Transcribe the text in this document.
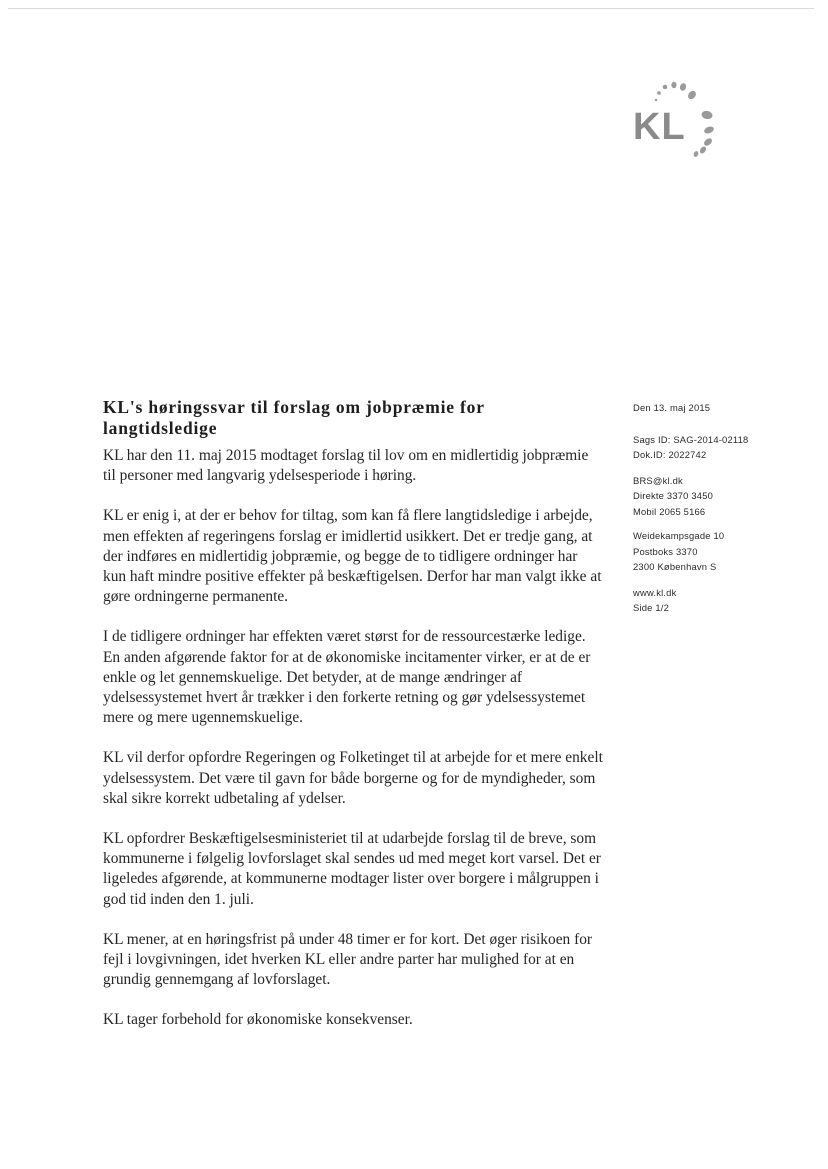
KL
KL's høringssvar til forslag om jobpræmie for langtidsledige

KL har den 11. maj 2015 modtaget forslag til lov om en midlertidig jobpræmie til personer med langvarig ydelsesperiode i høring.

KL er enig i, at der er behov for tiltag, som kan få flere langtidsledige i arbejde, men effekten af regeringens forslag er imidlertid usikkert. Det er tredje gang, at der indføres en midlertidig jobpræmie, og begge de to tidligere ordninger har kun haft mindre positive effekter på beskæftigelsen. Derfor har man valgt ikke at gøre ordningerne permanente.

I de tidligere ordninger har effekten været størst for de ressourcestærke ledige. En anden afgørende faktor for at de økonomiske incitamenter virker, er at de er enkle og let gennemskuelige. Det betyder, at de mange ændringer af ydelsessystemet hvert år trækker i den forkerte retning og gør ydelsessystemet mere og mere ugennemskuelige.

KL vil derfor opfordre Regeringen og Folketinget til at arbejde for et mere enkelt ydelsessystem. Det være til gavn for både borgerne og for de myndigheder, som skal sikre korrekt udbetaling af ydelser.

KL opfordrer Beskæftigelsesministeriet til at udarbejde forslag til de breve, som kommunerne i følgelig lovforslaget skal sendes ud med meget kort varsel. Det er ligeledes afgørende, at kommunerne modtager lister over borgere i målgruppen i god tid inden den 1. juli.

KL mener, at en høringsfrist på under 48 timer er for kort. Det øger risikoen for fejl i lovgivningen, idet hverken KL eller andre parter har mulighed for at en grundig gennemgang af lovforslaget.

KL tager forbehold for økonomiske konsekvenser.

Den 13. maj 2015
Sags ID: SAG-2014-02118
Dok.ID: 2022742
BRS@kl.dk
Direkte 3370 3450
Mobil 2065 5166
Weidekampsgade 10
Postboks 3370
2300 København S
www.kl.dk
Side 1/2
